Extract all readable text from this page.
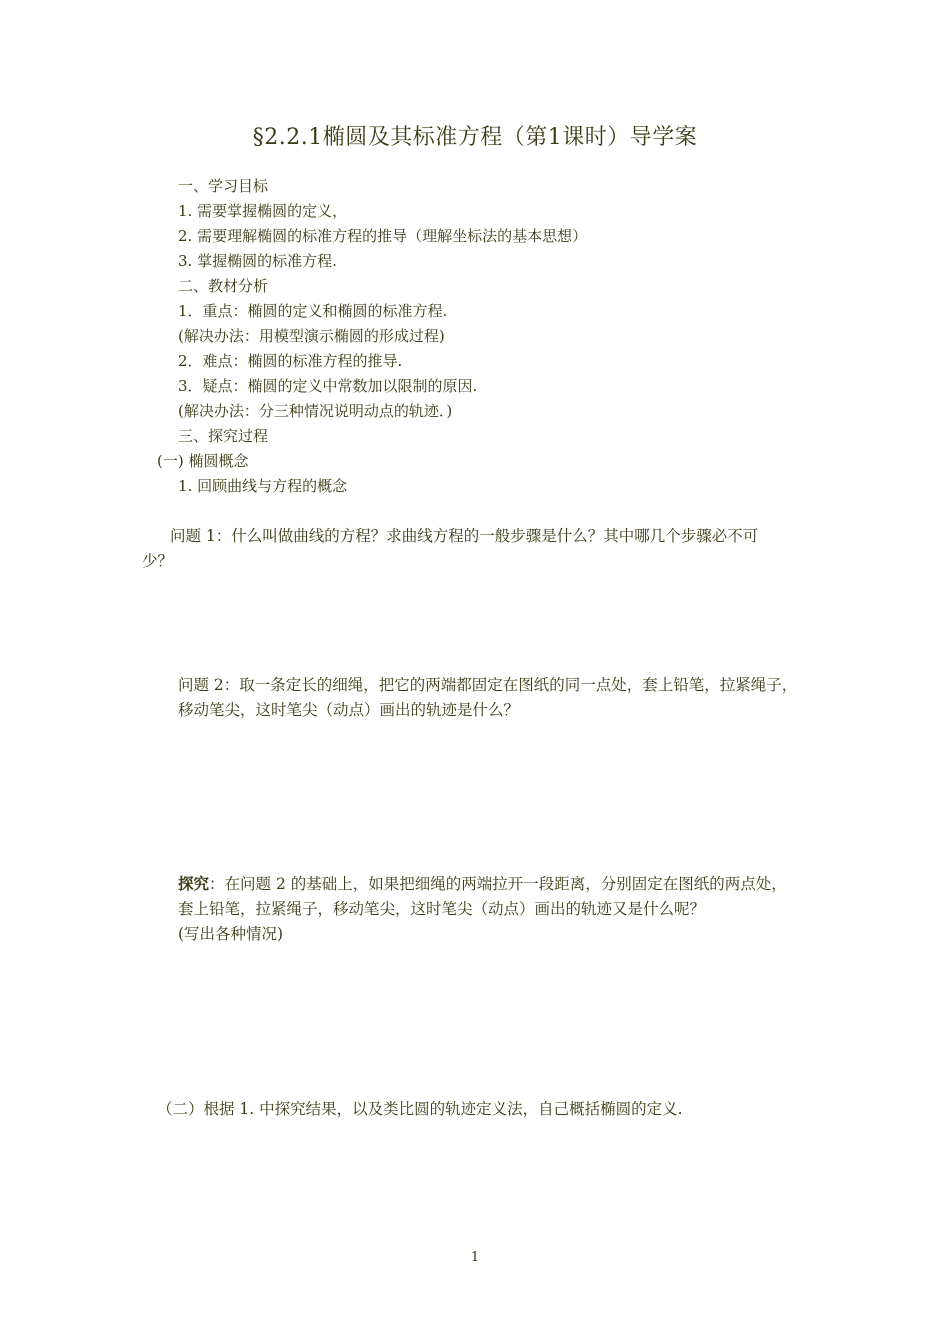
§2.2.1椭圆及其标准方程（第1课时）导学案
一、学习目标
1. 需要掌握椭圆的定义，
2. 需要理解椭圆的标准方程的推导（理解坐标法的基本思想）
3. 掌握椭圆的标准方程.
二、教材分析
1．重点：椭圆的定义和椭圆的标准方程.
(解决办法：用模型演示椭圆的形成过程)
2．难点：椭圆的标准方程的推导.
3．疑点：椭圆的定义中常数加以限制的原因.
(解决办法：分三种情况说明动点的轨迹．)
三、探究过程
(一) 椭圆概念
1. 回顾曲线与方程的概念
问题 1：什么叫做曲线的方程？求曲线方程的一般步骤是什么？其中哪几个步骤必不可
少？
问题 2：取一条定长的细绳，把它的两端都固定在图纸的同一点处，套上铅笔，拉紧绳子，
移动笔尖，这时笔尖（动点）画出的轨迹是什么？
探究：在问题 2 的基础上，如果把细绳的两端拉开一段距离，分别固定在图纸的两点处，
套上铅笔，拉紧绳子，移动笔尖，这时笔尖（动点）画出的轨迹又是什么呢？
(写出各种情况)
（二）根据 1. 中探究结果，以及类比圆的轨迹定义法，自己概括椭圆的定义.
1
